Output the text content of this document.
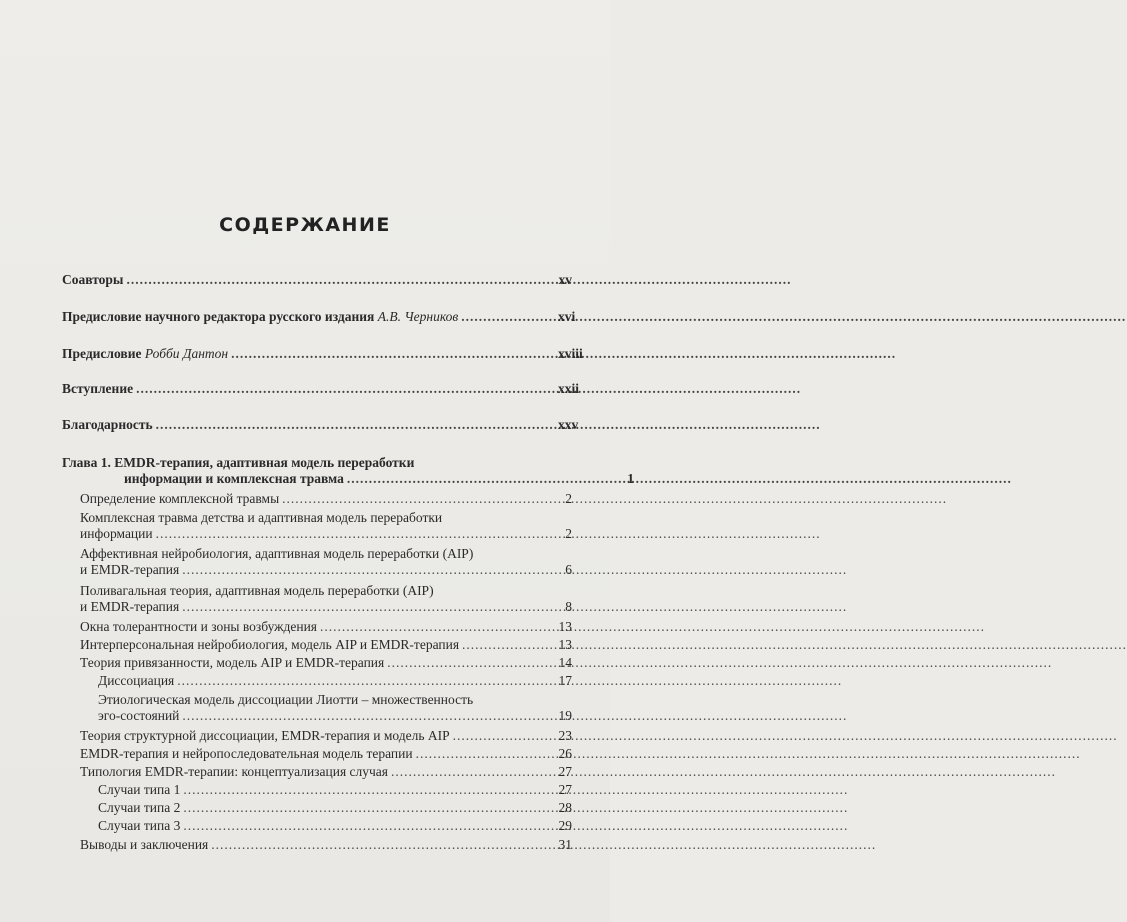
СОДЕРЖАНИЕ
Соавторы .....	xv
Предисловие научного редактора русского издания А.В. Черников .....	xvi
Предисловие Робби Дантон .....	xviii
Вступление .....	xxii
Благодарность .....	xxv
Глава 1. EMDR-терапия, адаптивная модель переработки
информации и комплексная травма .....	1
Определение комплексной травмы .....	2
Комплексная травма детства и адаптивная модель переработки
информации .....	2
Аффективная нейробиология, адаптивная модель переработки (AIP)
и EMDR-терапия .....	6
Поливагальная теория, адаптивная модель переработки (AIP)
и EMDR-терапия .....	8
Окна толерантности и зоны возбуждения .....	13
Интерперсональная нейробиология, модель AIP и EMDR-терапия .....	13
Теория привязанности, модель AIP и EMDR-терапия .....	14
Диссоциация .....	17
Этиологическая модель диссоциации Лиотти – множественность
эго-состояний .....	19
Теория структурной диссоциации, EMDR-терапия и модель AIP .....	23
EMDR-терапия и нейропоследовательная модель терапии .....	26
Типология EMDR-терапии: концептуализация случая .....	27
Случаи типа 1 .....	27
Случаи типа 2 .....	28
Случаи типа 3 .....	29
Выводы и заключения .....	31
